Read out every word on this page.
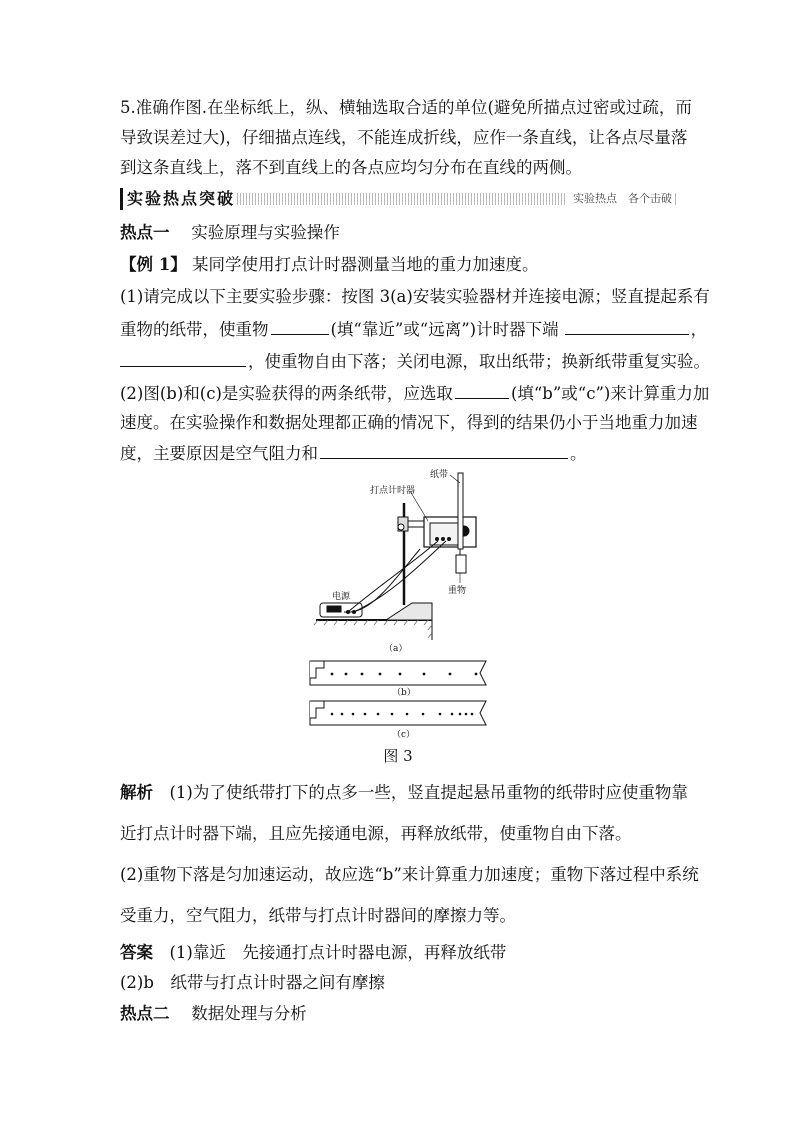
5.准确作图.在坐标纸上，纵、横轴选取合适的单位(避免所描点过密或过疏，而
导致误差过大)，仔细描点连线，不能连成折线，应作一条直线，让各点尽量落
到这条直线上，落不到直线上的各点应均匀分布在直线的两侧。
实验热点突破	实验热点　各个击破
热点一　 实验原理与实验操作
【例 1】 某同学使用打点计时器测量当地的重力加速度。
(1)请完成以下主要实验步骤：按图 3(a)安装实验器材并连接电源；竖直提起系有
重物的纸带，使重物	(填“靠近”或“远离”)计时器下端	，
，使重物自由下落；关闭电源，取出纸带；换新纸带重复实验。
(2)图(b)和(c)是实验获得的两条纸带，应选取	(填“b”或“c”)来计算重力加
速度。在实验操作和数据处理都正确的情况下，得到的结果仍小于当地重力加速
度，主要原因是空气阻力和	。
纸带
打点计时器
重物
电源
（a）
（b）
（c）
图 3
解析　 (1)为了使纸带打下的点多一些，竖直提起悬吊重物的纸带时应使重物靠
近打点计时器下端，且应先接通电源，再释放纸带，使重物自由下落。
(2)重物下落是匀加速运动，故应选“b”来计算重力加速度；重物下落过程中系统
受重力，空气阻力，纸带与打点计时器间的摩擦力等。
答案　 (1)靠近　先接通打点计时器电源，再释放纸带
(2)b　纸带与打点计时器之间有摩擦
热点二　 数据处理与分析
